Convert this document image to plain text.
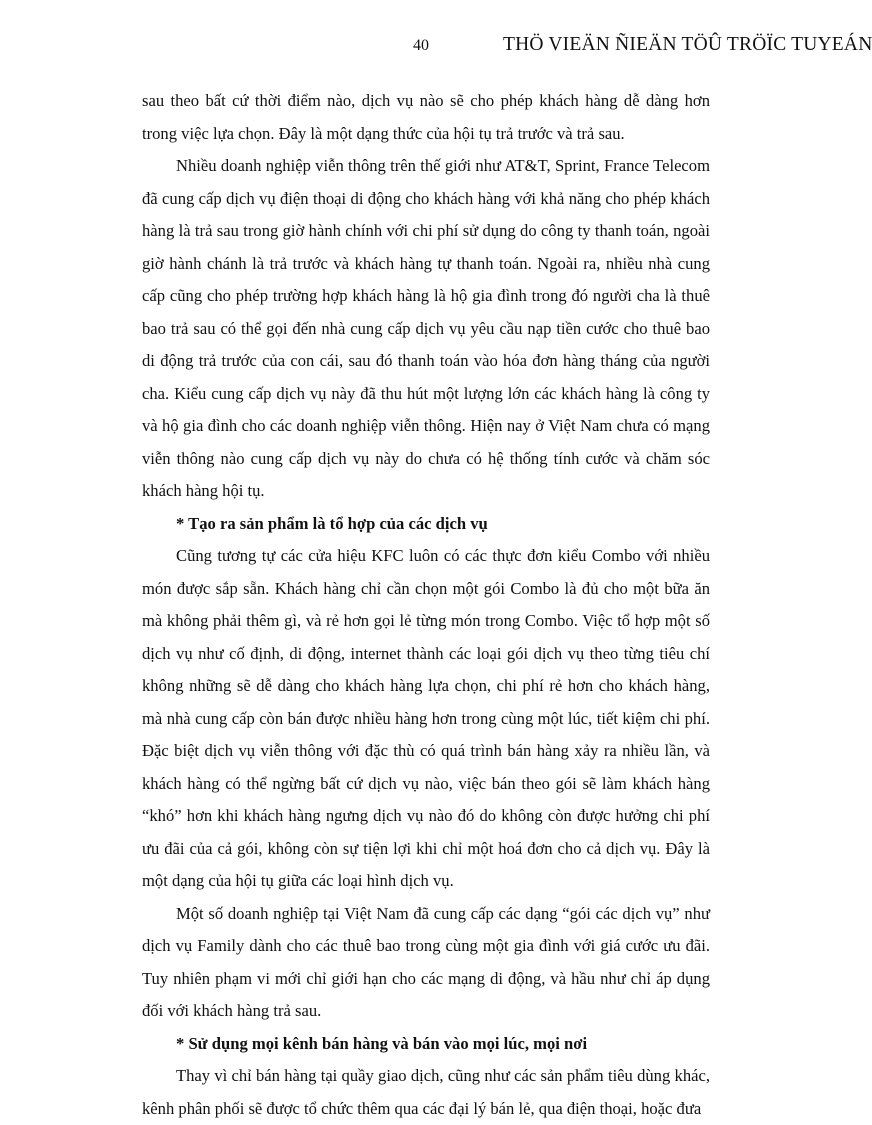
40	THÖ VIEÄN ÑIEÄN TÖÛ TRÖÏC TUYEÁN

sau theo bất cứ thời điểm nào, dịch vụ nào sẽ cho phép khách hàng dễ dàng hơn trong việc lựa chọn. Đây là một dạng thức của hội tụ trả trước và trả sau.

Nhiều doanh nghiệp viễn thông trên thế giới như AT&T, Sprint, France Telecom đã cung cấp dịch vụ điện thoại di động cho khách hàng với khả năng cho phép khách hàng là trả sau trong giờ hành chính với chi phí sử dụng do công ty thanh toán, ngoài giờ hành chánh là trả trước và khách hàng tự thanh toán. Ngoài ra, nhiều nhà cung cấp cũng cho phép trường hợp khách hàng là hộ gia đình trong đó người cha là thuê bao trả sau có thể gọi đến nhà cung cấp dịch vụ yêu cầu nạp tiền cước cho thuê bao di động trả trước của con cái, sau đó thanh toán vào hóa đơn hàng tháng của người cha. Kiểu cung cấp dịch vụ này đã thu hút một lượng lớn các khách hàng là công ty và hộ gia đình cho các doanh nghiệp viễn thông. Hiện nay ở Việt Nam chưa có mạng viễn thông nào cung cấp dịch vụ này do chưa có hệ thống tính cước và chăm sóc khách hàng hội tụ.

* Tạo ra sản phẩm là tổ hợp của các dịch vụ

Cũng tương tự các cửa hiệu KFC luôn có các thực đơn kiểu Combo với nhiều món được sắp sẵn. Khách hàng chỉ cần chọn một gói Combo là đủ cho một bữa ăn mà không phải thêm gì, và rẻ hơn gọi lẻ từng món trong Combo. Việc tổ hợp một số dịch vụ như cố định, di động, internet thành các loại gói dịch vụ theo từng tiêu chí không những sẽ dễ dàng cho khách hàng lựa chọn, chi phí rẻ hơn cho khách hàng, mà nhà cung cấp còn bán được nhiều hàng hơn trong cùng một lúc, tiết kiệm chi phí. Đặc biệt dịch vụ viễn thông với đặc thù có quá trình bán hàng xảy ra nhiều lần, và khách hàng có thể ngừng bất cứ dịch vụ nào, việc bán theo gói sẽ làm khách hàng “khó” hơn khi khách hàng ngưng dịch vụ nào đó do không còn được hưởng chi phí ưu đãi của cả gói, không còn sự tiện lợi khi chỉ một hoá đơn cho cả dịch vụ. Đây là một dạng của hội tụ giữa các loại hình dịch vụ.

Một số doanh nghiệp tại Việt Nam đã cung cấp các dạng “gói các dịch vụ” như dịch vụ Family dành cho các thuê bao trong cùng một gia đình với giá cước ưu đãi. Tuy nhiên phạm vi mới chỉ giới hạn cho các mạng di động, và hầu như chỉ áp dụng đối với khách hàng trả sau.

* Sử dụng mọi kênh bán hàng và bán vào mọi lúc, mọi nơi

Thay vì chỉ bán hàng tại quầy giao dịch, cũng như các sản phẩm tiêu dùng khác, kênh phân phối sẽ được tổ chức thêm qua các đại lý bán lẻ, qua điện thoại, hoặc đưa
